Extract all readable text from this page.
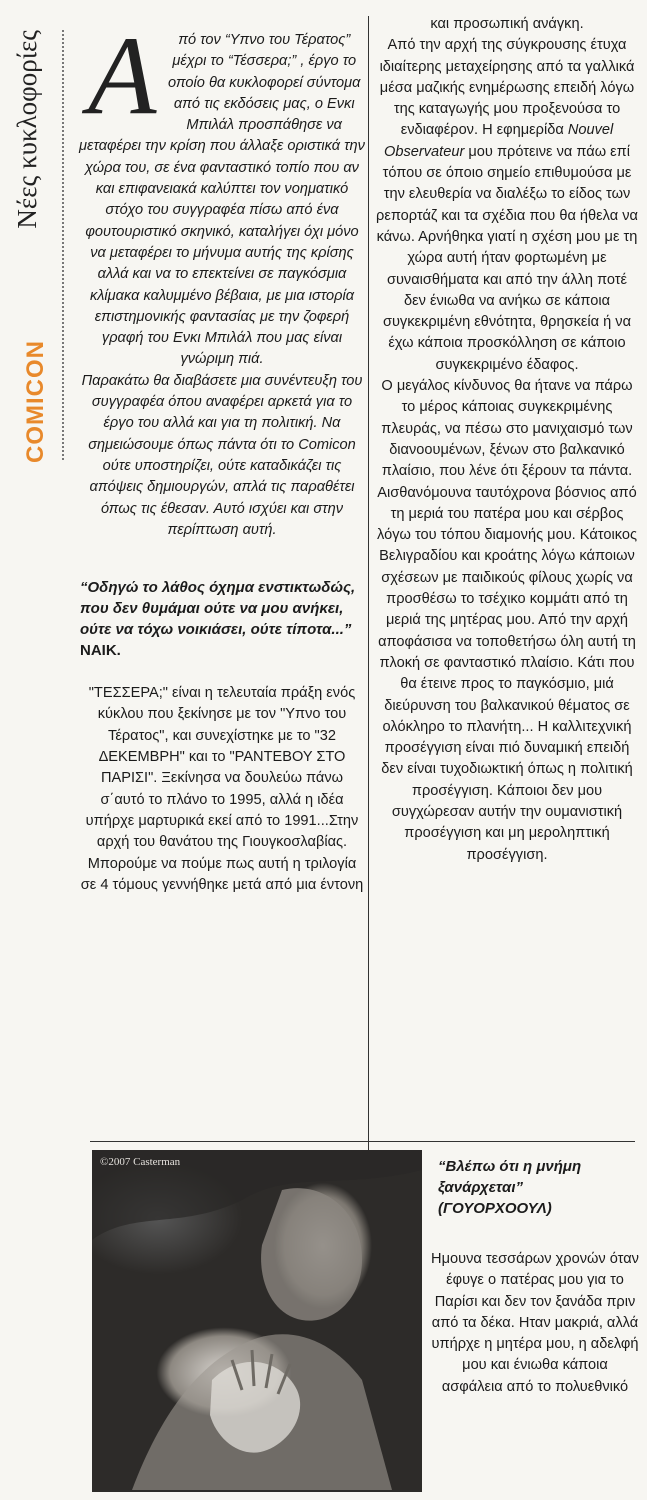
Νέες κυκλοφορίες
COMICON

A πό τον “Υπνο του Τέρατος” μέχρι το “Τέσσερα;” , έργο το οποίο θα κυκλοφορεί σύντομα από τις εκδόσεις μας, ο Ενκι Μπιλάλ προσπάθησε να μεταφέρει την κρίση που άλλαξε οριστικά την χώρα του, σε ένα φανταστικό τοπίο που αν και επιφανειακά καλύπτει τον νοηματικό στόχο του συγγραφέα πίσω από ένα φουτουριστικό σκηνικό, καταλήγει όχι μόνο να μεταφέρει το μήνυμα αυτής της κρίσης αλλά και να το επεκτείνει σε παγκόσμια κλίμακα καλυμμένο βέβαια, με μια ιστορία επιστημονικής φαντασίας με την ζοφερή γραφή του Ενκι Μπιλάλ που μας είναι γνώριμη πιά.

Παρακάτω θα διαβάσετε μια συνέντευξη του συγγραφέα όπου αναφέρει αρκετά για το έργο του αλλά και για τη πολιτική. Να σημειώσουμε όπως πάντα ότι το Comicon ούτε υποστηρίζει, ούτε καταδικάζει τις απόψεις δημιουργών, απλά τις παραθέτει όπως τις έθεσαν. Αυτό ισχύει και στην περίπτωση αυτή.

“Οδηγώ το λάθος όχημα ενστικτωδώς, που δεν θυμάμαι ούτε να μου ανήκει, ούτε να τόχω νοικιάσει, ούτε τίποτα...”
ΝΑΙΚ.

"ΤΕΣΣΕΡΑ;" είναι η τελευταία πράξη ενός κύκλου που ξεκίνησε με τον "Υπνο του Τέρατος", και συνεχίστηκε με το "32 ΔΕΚΕΜΒΡΗ" και το "ΡΑΝΤΕΒΟΥ ΣΤΟ ΠΑΡΙΣΙ". Ξεκίνησα να δουλεύω πάνω σ΄αυτό το πλάνο το 1995, αλλά η ιδέα υπήρχε μαρτυρικά εκεί από το 1991...Στην αρχή του θανάτου της Γιουγκοσλαβίας. Μπορούμε να πούμε πως αυτή η τριλογία σε 4 τόμους γεννήθηκε μετά από μια έντονη

και προσωπική ανάγκη.
Από την αρχή της σύγκρουσης έτυχα ιδιαίτερης μεταχείρησης από τα γαλλικά μέσα μαζικής ενημέρωσης επειδή λόγω της καταγωγής μου προξενούσα το ενδιαφέρον. Η εφημερίδα Nouvel Observateur μου πρότεινε να πάω επί τόπου σε όποιο σημείο επιθυμούσα με την ελευθερία να διαλέξω το είδος των ρεπορτάζ και τα σχέδια που θα ήθελα να κάνω. Αρνήθηκα γιατί η σχέση μου με τη χώρα αυτή ήταν φορτωμένη με συναισθήματα και από την άλλη ποτέ δεν ένιωθα να ανήκω σε κάποια συγκεκριμένη εθνότητα, θρησκεία ή να έχω κάποια προσκόλληση σε κάποιο συγκεκριμένο έδαφος.

Ο μεγάλος κίνδυνος θα ήτανε να πάρω το μέρος κάποιας συγκεκριμένης πλευράς, να πέσω στο μανιχαισμό των διανοουμένων, ξένων στο βαλκανικό πλαίσιο, που λένε ότι ξέρουν τα πάντα.

Αισθανόμουνα ταυτόχρονα βόσνιος από τη μεριά του πατέρα μου και σέρβος λόγω του τόπου διαμονής μου. Κάτοικος Βελιγραδίου και κροάτης λόγω κάποιων σχέσεων με παιδικούς φίλους χωρίς να προσθέσω το τσέχικο κομμάτι από τη μεριά της μητέρας μου. Από την αρχή αποφάσισα να τοποθετήσω όλη αυτή τη πλοκή σε φανταστικό πλαίσιο. Κάτι που θα έτεινε προς το παγκόσμιο, μιά διεύρυνση του βαλκανικού θέματος σε ολόκληρο το πλανήτη... Η καλλιτεχνική προσέγγιση είναι πιό δυναμική επειδή δεν είναι τυχοδιωκτική όπως η πολιτική προσέγγιση. Κάποιοι δεν μου συγχώρεσαν αυτήν την ουμανιστική προσέγγιση και μη μεροληπτική προσέγγιση.

©2007 Casterman	“Βλέπω ότι η μνήμη ξανάρχεται”
(ΓΟΥΟΡΧΟΟΥΛ)

Ημουνα τεσσάρων χρονών όταν έφυγε ο πατέρας μου για το Παρίσι και δεν τον ξανάδα πριν από τα δέκα. Ηταν μακριά, αλλά υπήρχε η μητέρα μου, η αδελφή μου και ένιωθα κάποια ασφάλεια από το πολυεθνικό
